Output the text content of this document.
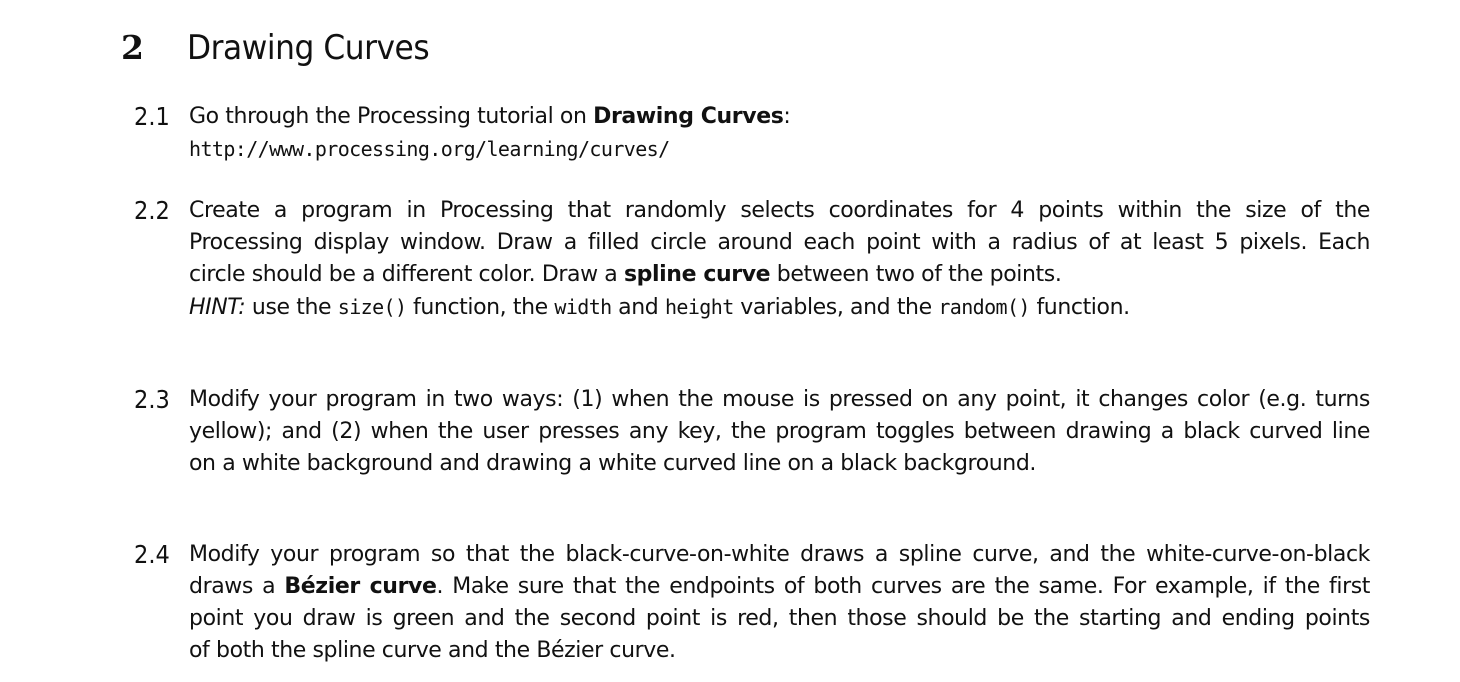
2	Drawing Curves
2.1 Go through the Processing tutorial on Drawing Curves:
http://www.processing.org/learning/curves/
2.2 Create a program in Processing that randomly selects coordinates for 4 points within the size of the
Processing display window. Draw a filled circle around each point with a radius of at least 5 pixels. Each
circle should be a different color. Draw a spline curve between two of the points.
HINT: use the size() function, the width and height variables, and the random() function.
2.3 Modify your program in two ways: (1) when the mouse is pressed on any point, it changes color (e.g. turns
yellow); and (2) when the user presses any key, the program toggles between drawing a black curved line
on a white background and drawing a white curved line on a black background.
2.4 Modify your program so that the black-curve-on-white draws a spline curve, and the white-curve-on-black
draws a Bézier curve. Make sure that the endpoints of both curves are the same. For example, if the first
point you draw is green and the second point is red, then those should be the starting and ending points
of both the spline curve and the Bézier curve.
